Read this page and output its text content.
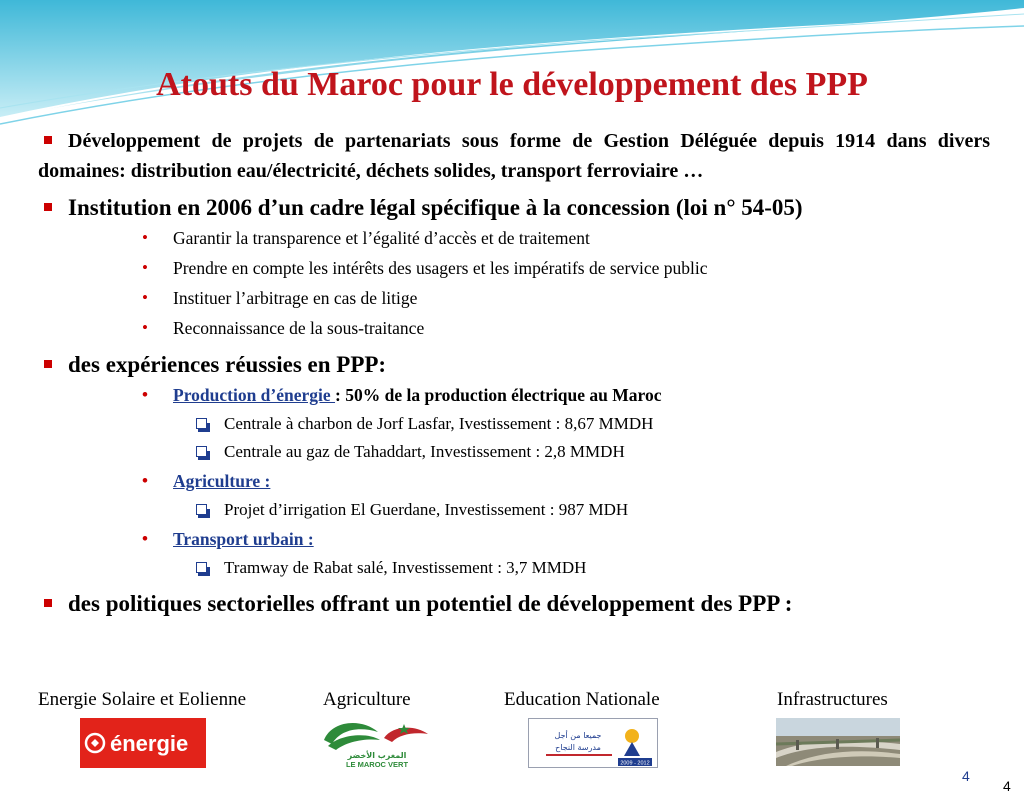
Atouts du Maroc pour le développement des PPP

Développement de projets de partenariats sous forme de Gestion Déléguée depuis 1914 dans divers domaines: distribution eau/électricité, déchets solides, transport ferroviaire …

Institution en 2006 d’un cadre légal spécifique à la concession (loi n° 54-05)

• Garantir la transparence et l’égalité d’accès et de traitement
• Prendre en compte les intérêts des usagers et les impératifs de service public
• Instituer l’arbitrage en cas de litige
• Reconnaissance de la sous-traitance

des expériences réussies en PPP:

• Production d’énergie : 50% de la production électrique au Maroc
Centrale à charbon de Jorf Lasfar, Ivestissement : 8,67 MMDH
Centrale au gaz de Tahaddart, Investissement : 2,8 MMDH
• Agriculture :
Projet d’irrigation El Guerdane, Investissement : 987 MDH
• Transport urbain :
Tramway de Rabat salé, Investissement : 3,7 MMDH

des politiques sectorielles offrant un potentiel de développement des PPP :

Energie Solaire et Eolienne	Agriculture	Education Nationale	Infrastructures
énergie	المغرب الأخضر
LE MAROC VERT
جميعا من أجل
مدرسة النجاح
2009 - 2012
4
4
